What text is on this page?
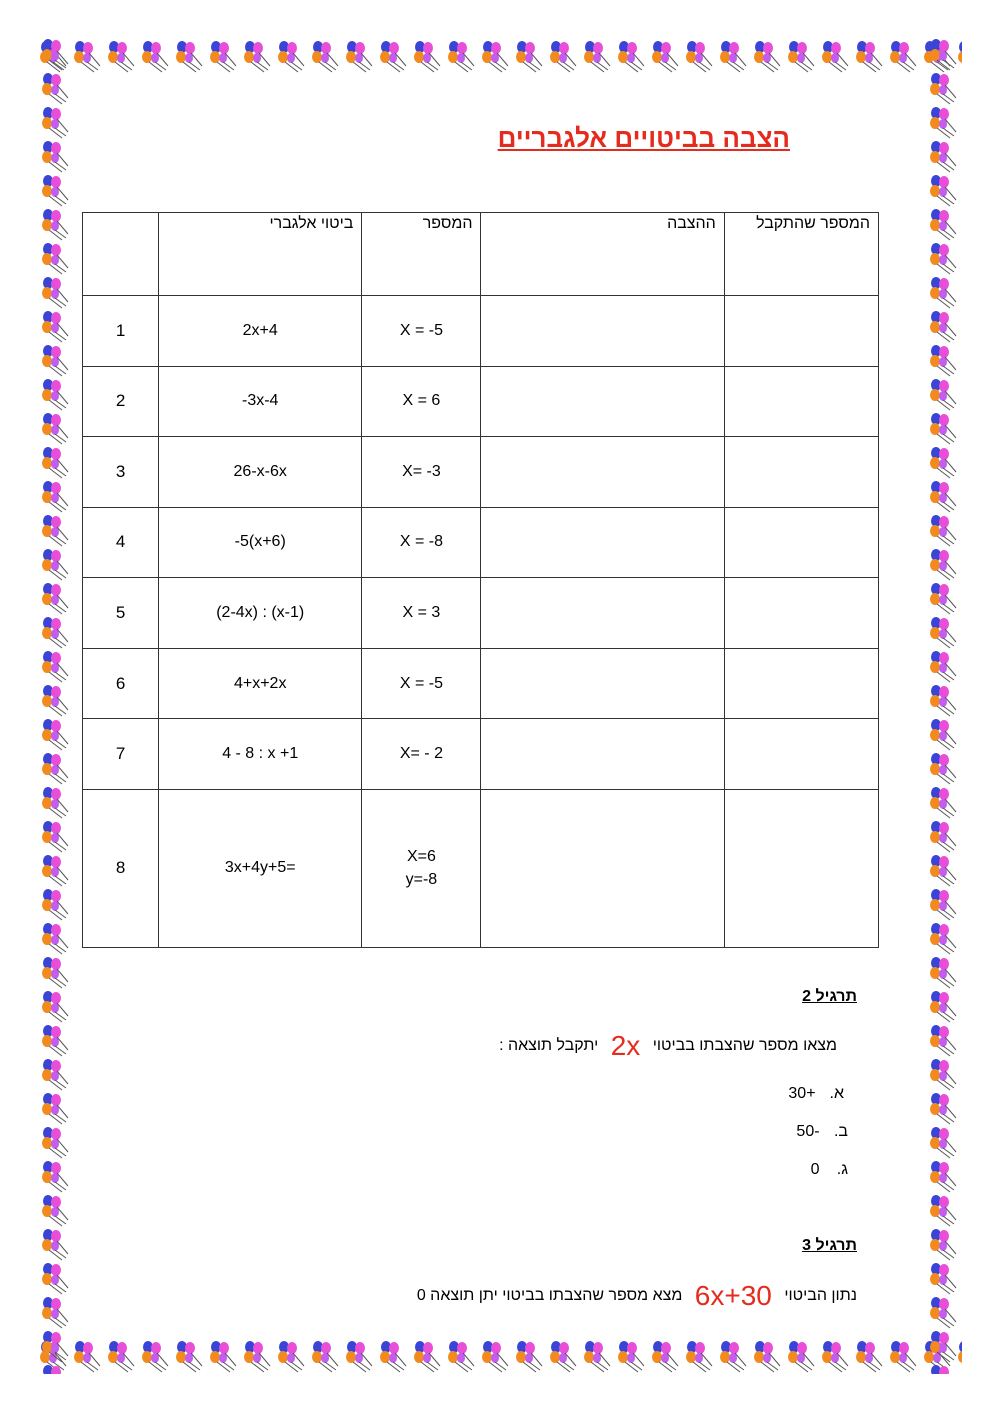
הצבה בביטויים אלגבריים
	ביטוי אלגברי	המספר	ההצבה	המספר שהתקבל
1	2x+4	X = -5		
2	-3x-4	X = 6		
3	26-x-6x	X= -3		
4	-5(x+6)	X = -8		
5	(2-4x) : (x-1)	X = 3		
6	4+x+2x	X = -5		
7	4 - 8 : x +1	X= - 2		
8	3x+4y+5=	X=6
y=-8		

תרגיל 2
מצאו מספר שהצבתו בביטוי 2x יתקבל תוצאה :
א. +30
ב. -50
ג. 0
תרגיל 3
נתון הביטוי 6x+30 מצא מספר שהצבתו בביטוי יתן תוצאה 0
